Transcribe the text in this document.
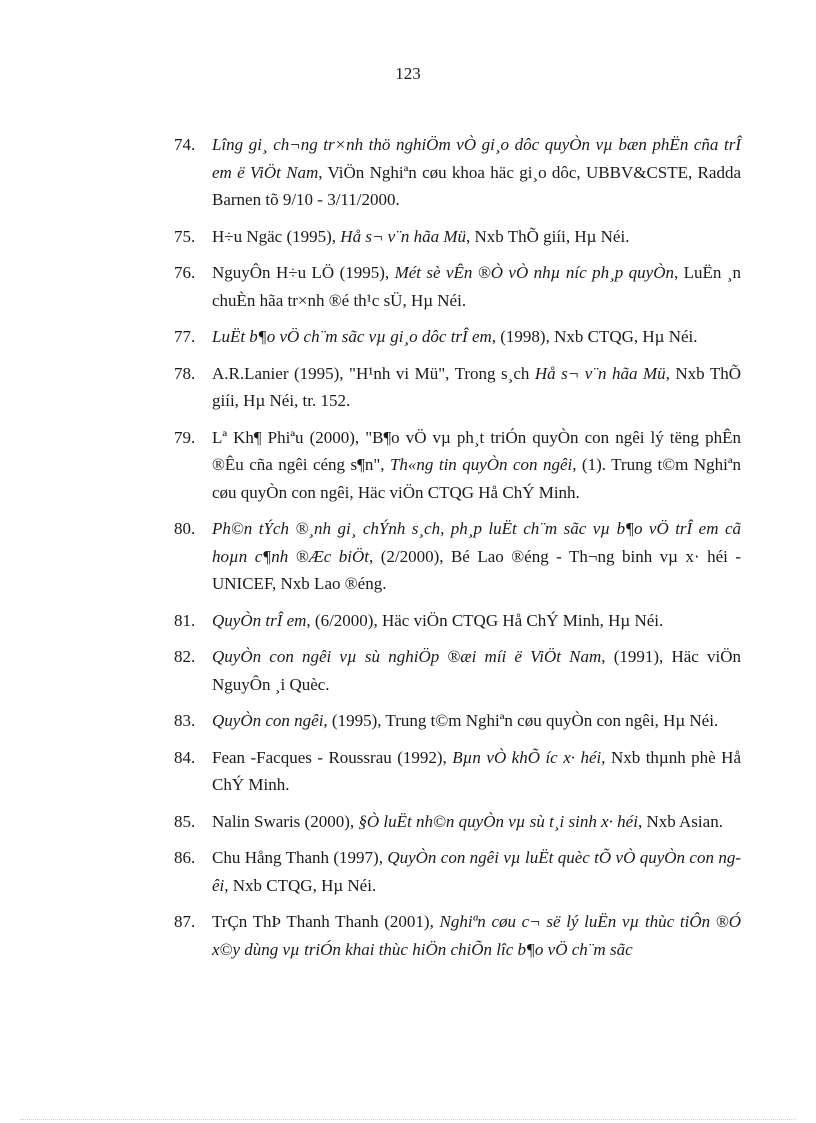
123
74. Lîng gi¸ ch¬ng tr×nh thö nghiÖm vÒ gi¸o dôc quyÒn vµ bæn phËn cña trÎ em ë ViÖt Nam, ViÖn Nghiªn cøu khoa häc gi¸o dôc, UBBV&CSTE, Radda Barnen tõ 9/10 - 3/11/2000.
75. H÷u Ngäc (1995), Hå s¬ v¨n hãa Mü, Nxb ThÕ giíi, Hµ Néi.
76. NguyÔn H÷u LÖ (1995), Mét sè vÊn ®Ò vÒ nhµ níc ph¸p quyÒn, LuËn ¸n chuÈn hãa tr×nh ®é th¹c sÜ, Hµ Néi.
77. LuËt b¶o vÖ ch¨m sãc vµ gi¸o dôc trÎ em, (1998), Nxb CTQG, Hµ Néi.
78. A.R.Lanier (1995), "H¹nh vi Mü", Trong s¸ch Hå s¬ v¨n hãa Mü, Nxb ThÕ giíi, Hµ Néi, tr. 152.
79. Lª Kh¶ Phiªu (2000), "B¶o vÖ vµ ph¸t triÓn quyÒn con ngêi lý tëng phÊn ®Êu cña ngêi céng s¶n", Th«ng tin quyÒn con ngêi, (1). Trung t©m Nghiªn cøu quyÒn con ngêi, Häc viÖn CTQG Hå ChÝ Minh.
80. Ph©n tÝch ®¸nh gi¸ chÝnh s¸ch, ph¸p luËt ch¨m sãc vµ b¶o vÖ trÎ em cã hoµn c¶nh ®Æc biÖt, (2/2000), Bé Lao ®éng - Th¬ng binh vµ x· héi - UNICEF, Nxb Lao ®éng.
81. QuyÒn trÎ em, (6/2000), Häc viÖn CTQG Hå ChÝ Minh, Hµ Néi.
82. QuyÒn con ngêi vµ sù nghiÖp ®æi míi ë ViÖt Nam, (1991), Häc viÖn NguyÔn ¸i Quèc.
83. QuyÒn con ngêi, (1995), Trung t©m Nghiªn cøu quyÒn con ngêi, Hµ Néi.
84. Fean -Facques - Roussrau (1992), Bµn vÒ khÕ íc x· héi, Nxb thµnh phè Hå ChÝ Minh.
85. Nalin Swaris (2000), §Ò luËt nh©n quyÒn vµ sù t¸i sinh x· héi, Nxb Asian.
86. Chu Hång Thanh (1997), QuyÒn con ngêi vµ luËt quèc tÕ vÒ quyÒn con ngêi, Nxb CTQG, Hµ Néi.
87. TrÇn ThÞ Thanh Thanh (2001), Nghiªn cøu c¬ së lý luËn vµ thùc tiÔn ®Ó x©y dùng vµ triÓn khai thùc hiÖn chiÕn lîc b¶o vÖ ch¨m sãc
